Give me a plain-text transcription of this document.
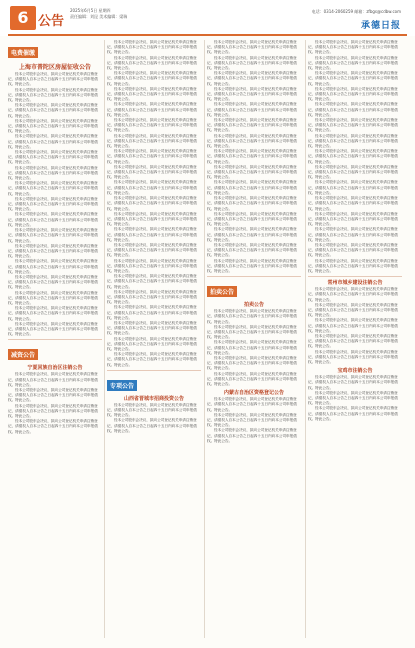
6 公告
2025年6月5日 星期四
责任编辑：刘昆 美术编辑：梁瑞
电话：0314-2060259 邮箱：zfbgs@cdbw.com
承德日报
电费催缴
上海市普陀区房屋征收公告

经本公司股东会决议，拟向公司登记机关申请注销登记，请债权人自本公告之日起四十五日内向本公司申报债权。特此公告。

经本公司股东会决议，拟向公司登记机关申请注销登记，请债权人自本公告之日起四十五日内向本公司申报债权。特此公告。

经本公司股东会决议，拟向公司登记机关申请注销登记，请债权人自本公告之日起四十五日内向本公司申报债权。特此公告。

经本公司股东会决议，拟向公司登记机关申请注销登记，请债权人自本公告之日起四十五日内向本公司申报债权。特此公告。

经本公司股东会决议，拟向公司登记机关申请注销登记，请债权人自本公告之日起四十五日内向本公司申报债权。特此公告。

经本公司股东会决议，拟向公司登记机关申请注销登记，请债权人自本公告之日起四十五日内向本公司申报债权。特此公告。

经本公司股东会决议，拟向公司登记机关申请注销登记，请债权人自本公告之日起四十五日内向本公司申报债权。特此公告。

经本公司股东会决议，拟向公司登记机关申请注销登记，请债权人自本公告之日起四十五日内向本公司申报债权。特此公告。

经本公司股东会决议，拟向公司登记机关申请注销登记，请债权人自本公告之日起四十五日内向本公司申报债权。特此公告。

经本公司股东会决议，拟向公司登记机关申请注销登记，请债权人自本公告之日起四十五日内向本公司申报债权。特此公告。

经本公司股东会决议，拟向公司登记机关申请注销登记，请债权人自本公告之日起四十五日内向本公司申报债权。特此公告。

经本公司股东会决议，拟向公司登记机关申请注销登记，请债权人自本公告之日起四十五日内向本公司申报债权。特此公告。

经本公司股东会决议，拟向公司登记机关申请注销登记，请债权人自本公告之日起四十五日内向本公司申报债权。特此公告。

经本公司股东会决议，拟向公司登记机关申请注销登记，请债权人自本公告之日起四十五日内向本公司申报债权。特此公告。

经本公司股东会决议，拟向公司登记机关申请注销登记，请债权人自本公告之日起四十五日内向本公司申报债权。特此公告。

经本公司股东会决议，拟向公司登记机关申请注销登记，请债权人自本公告之日起四十五日内向本公司申报债权。特此公告。

经本公司股东会决议，拟向公司登记机关申请注销登记，请债权人自本公告之日起四十五日内向本公司申报债权。特此公告。

减资公告
宁夏回族自治区注销公告

经本公司股东会决议，拟向公司登记机关申请注销登记，请债权人自本公告之日起四十五日内向本公司申报债权。特此公告。

经本公司股东会决议，拟向公司登记机关申请注销登记，请债权人自本公告之日起四十五日内向本公司申报债权。特此公告。

经本公司股东会决议，拟向公司登记机关申请注销登记，请债权人自本公告之日起四十五日内向本公司申报债权。特此公告。

经本公司股东会决议，拟向公司登记机关申请注销登记，请债权人自本公告之日起四十五日内向本公司申报债权。特此公告。

经本公司股东会决议，拟向公司登记机关申请注销登记，请债权人自本公告之日起四十五日内向本公司申报债权。特此公告。

经本公司股东会决议，拟向公司登记机关申请注销登记，请债权人自本公告之日起四十五日内向本公司申报债权。特此公告。

经本公司股东会决议，拟向公司登记机关申请注销登记，请债权人自本公告之日起四十五日内向本公司申报债权。特此公告。

经本公司股东会决议，拟向公司登记机关申请注销登记，请债权人自本公告之日起四十五日内向本公司申报债权。特此公告。

经本公司股东会决议，拟向公司登记机关申请注销登记，请债权人自本公告之日起四十五日内向本公司申报债权。特此公告。

经本公司股东会决议，拟向公司登记机关申请注销登记，请债权人自本公告之日起四十五日内向本公司申报债权。特此公告。

经本公司股东会决议，拟向公司登记机关申请注销登记，请债权人自本公告之日起四十五日内向本公司申报债权。特此公告。

经本公司股东会决议，拟向公司登记机关申请注销登记，请债权人自本公告之日起四十五日内向本公司申报债权。特此公告。

经本公司股东会决议，拟向公司登记机关申请注销登记，请债权人自本公告之日起四十五日内向本公司申报债权。特此公告。

经本公司股东会决议，拟向公司登记机关申请注销登记，请债权人自本公告之日起四十五日内向本公司申报债权。特此公告。

经本公司股东会决议，拟向公司登记机关申请注销登记，请债权人自本公告之日起四十五日内向本公司申报债权。特此公告。

经本公司股东会决议，拟向公司登记机关申请注销登记，请债权人自本公告之日起四十五日内向本公司申报债权。特此公告。

经本公司股东会决议，拟向公司登记机关申请注销登记，请债权人自本公告之日起四十五日内向本公司申报债权。特此公告。

经本公司股东会决议，拟向公司登记机关申请注销登记，请债权人自本公告之日起四十五日内向本公司申报债权。特此公告。

经本公司股东会决议，拟向公司登记机关申请注销登记，请债权人自本公告之日起四十五日内向本公司申报债权。特此公告。

经本公司股东会决议，拟向公司登记机关申请注销登记，请债权人自本公告之日起四十五日内向本公司申报债权。特此公告。

经本公司股东会决议，拟向公司登记机关申请注销登记，请债权人自本公告之日起四十五日内向本公司申报债权。特此公告。

经本公司股东会决议，拟向公司登记机关申请注销登记，请债权人自本公告之日起四十五日内向本公司申报债权。特此公告。

经本公司股东会决议，拟向公司登记机关申请注销登记，请债权人自本公告之日起四十五日内向本公司申报债权。特此公告。

经本公司股东会决议，拟向公司登记机关申请注销登记，请债权人自本公告之日起四十五日内向本公司申报债权。特此公告。

经本公司股东会决议，拟向公司登记机关申请注销登记，请债权人自本公告之日起四十五日内向本公司申报债权。特此公告。

专项公告
山西省晋城市招商投资公告

经本公司股东会决议，拟向公司登记机关申请注销登记，请债权人自本公告之日起四十五日内向本公司申报债权。特此公告。

经本公司股东会决议，拟向公司登记机关申请注销登记，请债权人自本公告之日起四十五日内向本公司申报债权。特此公告。

经本公司股东会决议，拟向公司登记机关申请注销登记，请债权人自本公告之日起四十五日内向本公司申报债权。特此公告。

经本公司股东会决议，拟向公司登记机关申请注销登记，请债权人自本公告之日起四十五日内向本公司申报债权。特此公告。

经本公司股东会决议，拟向公司登记机关申请注销登记，请债权人自本公告之日起四十五日内向本公司申报债权。特此公告。

经本公司股东会决议，拟向公司登记机关申请注销登记，请债权人自本公告之日起四十五日内向本公司申报债权。特此公告。

经本公司股东会决议，拟向公司登记机关申请注销登记，请债权人自本公告之日起四十五日内向本公司申报债权。特此公告。

经本公司股东会决议，拟向公司登记机关申请注销登记，请债权人自本公告之日起四十五日内向本公司申报债权。特此公告。

经本公司股东会决议，拟向公司登记机关申请注销登记，请债权人自本公告之日起四十五日内向本公司申报债权。特此公告。

经本公司股东会决议，拟向公司登记机关申请注销登记，请债权人自本公告之日起四十五日内向本公司申报债权。特此公告。

经本公司股东会决议，拟向公司登记机关申请注销登记，请债权人自本公告之日起四十五日内向本公司申报债权。特此公告。

经本公司股东会决议，拟向公司登记机关申请注销登记，请债权人自本公告之日起四十五日内向本公司申报债权。特此公告。

经本公司股东会决议，拟向公司登记机关申请注销登记，请债权人自本公告之日起四十五日内向本公司申报债权。特此公告。

经本公司股东会决议，拟向公司登记机关申请注销登记，请债权人自本公告之日起四十五日内向本公司申报债权。特此公告。

经本公司股东会决议，拟向公司登记机关申请注销登记，请债权人自本公告之日起四十五日内向本公司申报债权。特此公告。

经本公司股东会决议，拟向公司登记机关申请注销登记，请债权人自本公告之日起四十五日内向本公司申报债权。特此公告。

经本公司股东会决议，拟向公司登记机关申请注销登记，请债权人自本公告之日起四十五日内向本公司申报债权。特此公告。

拍卖公告
拍卖公告

经本公司股东会决议，拟向公司登记机关申请注销登记，请债权人自本公告之日起四十五日内向本公司申报债权。特此公告。

经本公司股东会决议，拟向公司登记机关申请注销登记，请债权人自本公告之日起四十五日内向本公司申报债权。特此公告。

经本公司股东会决议，拟向公司登记机关申请注销登记，请债权人自本公告之日起四十五日内向本公司申报债权。特此公告。

经本公司股东会决议，拟向公司登记机关申请注销登记，请债权人自本公告之日起四十五日内向本公司申报债权。特此公告。

经本公司股东会决议，拟向公司登记机关申请注销登记，请债权人自本公告之日起四十五日内向本公司申报债权。特此公告。

内蒙古自治区资格登记公告

经本公司股东会决议，拟向公司登记机关申请注销登记，请债权人自本公告之日起四十五日内向本公司申报债权。特此公告。

经本公司股东会决议，拟向公司登记机关申请注销登记，请债权人自本公告之日起四十五日内向本公司申报债权。特此公告。

经本公司股东会决议，拟向公司登记机关申请注销登记，请债权人自本公告之日起四十五日内向本公司申报债权。特此公告。

经本公司股东会决议，拟向公司登记机关申请注销登记，请债权人自本公告之日起四十五日内向本公司申报债权。特此公告。

经本公司股东会决议，拟向公司登记机关申请注销登记，请债权人自本公告之日起四十五日内向本公司申报债权。特此公告。

经本公司股东会决议，拟向公司登记机关申请注销登记，请债权人自本公告之日起四十五日内向本公司申报债权。特此公告。

经本公司股东会决议，拟向公司登记机关申请注销登记，请债权人自本公告之日起四十五日内向本公司申报债权。特此公告。

经本公司股东会决议，拟向公司登记机关申请注销登记，请债权人自本公告之日起四十五日内向本公司申报债权。特此公告。

经本公司股东会决议，拟向公司登记机关申请注销登记，请债权人自本公告之日起四十五日内向本公司申报债权。特此公告。

经本公司股东会决议，拟向公司登记机关申请注销登记，请债权人自本公告之日起四十五日内向本公司申报债权。特此公告。

经本公司股东会决议，拟向公司登记机关申请注销登记，请债权人自本公告之日起四十五日内向本公司申报债权。特此公告。

经本公司股东会决议，拟向公司登记机关申请注销登记，请债权人自本公告之日起四十五日内向本公司申报债权。特此公告。

经本公司股东会决议，拟向公司登记机关申请注销登记，请债权人自本公告之日起四十五日内向本公司申报债权。特此公告。

经本公司股东会决议，拟向公司登记机关申请注销登记，请债权人自本公告之日起四十五日内向本公司申报债权。特此公告。

经本公司股东会决议，拟向公司登记机关申请注销登记，请债权人自本公告之日起四十五日内向本公司申报债权。特此公告。

经本公司股东会决议，拟向公司登记机关申请注销登记，请债权人自本公告之日起四十五日内向本公司申报债权。特此公告。

经本公司股东会决议，拟向公司登记机关申请注销登记，请债权人自本公告之日起四十五日内向本公司申报债权。特此公告。

经本公司股东会决议，拟向公司登记机关申请注销登记，请债权人自本公告之日起四十五日内向本公司申报债权。特此公告。

常州市城乡建设注销公告

经本公司股东会决议，拟向公司登记机关申请注销登记，请债权人自本公告之日起四十五日内向本公司申报债权。特此公告。

经本公司股东会决议，拟向公司登记机关申请注销登记，请债权人自本公告之日起四十五日内向本公司申报债权。特此公告。

经本公司股东会决议，拟向公司登记机关申请注销登记，请债权人自本公告之日起四十五日内向本公司申报债权。特此公告。

经本公司股东会决议，拟向公司登记机关申请注销登记，请债权人自本公告之日起四十五日内向本公司申报债权。特此公告。

经本公司股东会决议，拟向公司登记机关申请注销登记，请债权人自本公告之日起四十五日内向本公司申报债权。特此公告。

宝鸡市注销公告

经本公司股东会决议，拟向公司登记机关申请注销登记，请债权人自本公告之日起四十五日内向本公司申报债权。特此公告。

经本公司股东会决议，拟向公司登记机关申请注销登记，请债权人自本公告之日起四十五日内向本公司申报债权。特此公告。

经本公司股东会决议，拟向公司登记机关申请注销登记，请债权人自本公告之日起四十五日内向本公司申报债权。特此公告。
